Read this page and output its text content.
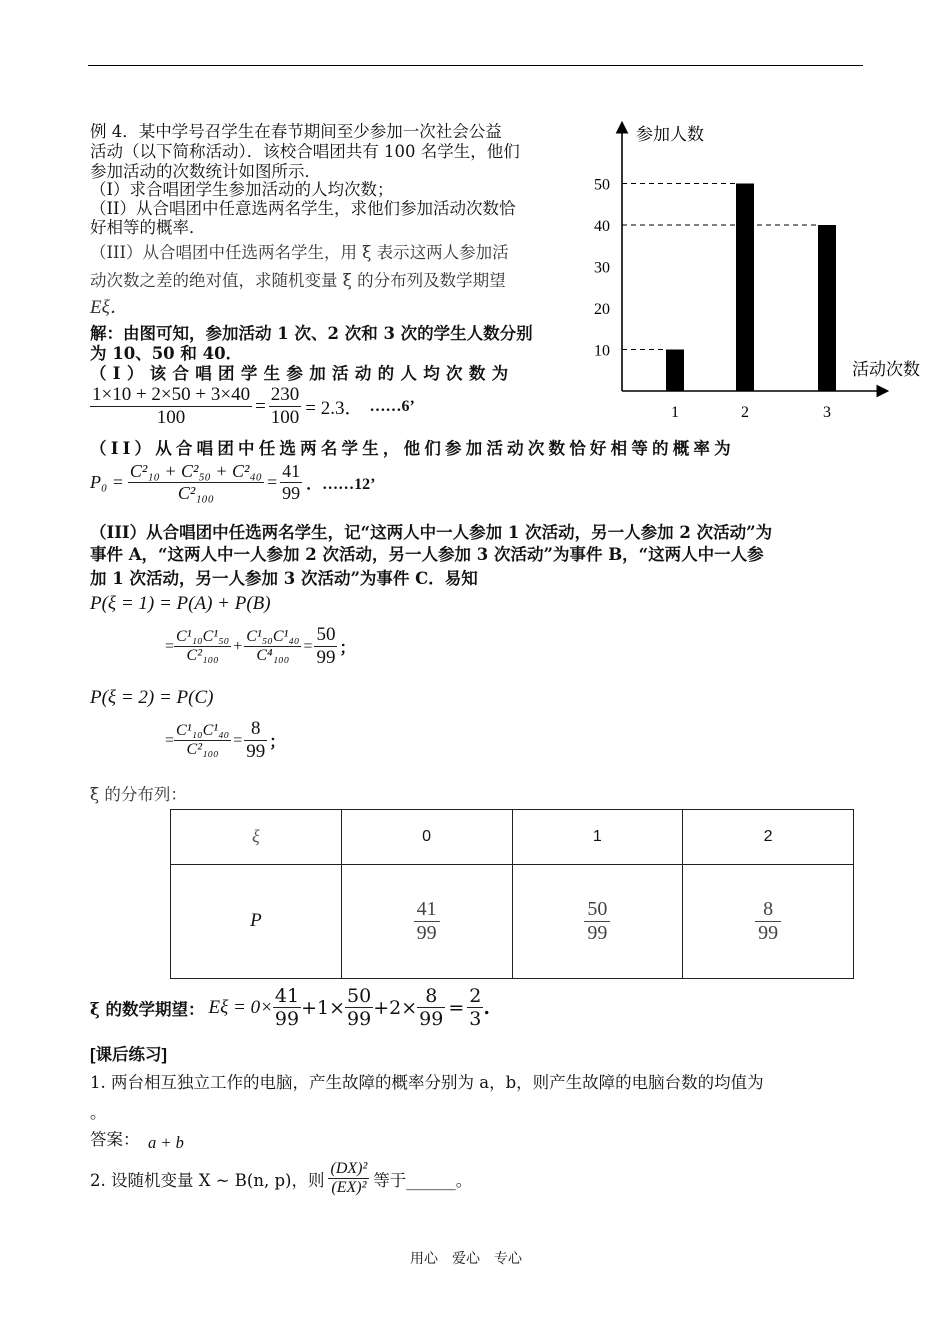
例 4．某中学号召学生在春节期间至少参加一次社会公益
活动（以下简称活动）．该校合唱团共有 100 名学生，他们
参加活动的次数统计如图所示．
（I）求合唱团学生参加活动的人均次数；
（II）从合唱团中任意选两名学生，求他们参加活动次数恰
好相等的概率．
（III）从合唱团中任选两名学生，用 ξ 表示这两人参加活
动次数之差的绝对值，求随机变量 ξ 的分布列及数学期望
Eξ．
解：由图可知，参加活动 1 次、2 次和 3 次的学生人数分别
为 10、50 和 40．
（I）该合唱团学生参加活动的人均次数为
$\frac{1\times 10 + 2\times 50 + 3\times 40}{100} = \frac{230}{100} = 2.3$． ……6’
（II）从合唱团中任选两名学生，他们参加活动次数恰好相等的概率为
$P_0 = \frac{\text{C²₁₀ + C²₅₀ + C²₄₀}}{\text{C²₁₀₀}} = \frac{41}{99}$ ．……12’
（III）从合唱团中任选两名学生，记“这两人中一人参加 1 次活动，另一人参加 2 次活动”为
事件 A，“这两人中一人参加 2 次活动，另一人参加 3 次活动”为事件 B，“这两人中一人参
加 1 次活动，另一人参加 3 次活动”为事件 C．易知
P(ξ = 1) = P(A) + P(B)
= $\frac{\text{C¹₁₀C¹₅₀}}{\text{C²₁₀₀}} + \frac{\text{C¹₅₀C¹₄₀}}{\text{C⁴₁₀₀}} = \frac{50}{99}$ ；
P(ξ = 2) = P(C)
= $\frac{\text{C¹₁₀C¹₄₀}}{\text{C²₁₀₀}} = \frac{8}{99}$ ；
ξ 的分布列：
ξ	0	1	2
P	$\frac{41}{99}$	$\frac{50}{99}$	$\frac{8}{99}$
ξ 的数学期望： $E\xi = 0\times \frac{41}{99} +1\times \frac{50}{99} +2\times \frac{8}{99} = \frac{2}{3}$ .
[课后练习]
1. 两台相互独立工作的电脑，产生故障的概率分别为 a，b，则产生故障的电脑台数的均值为
。
答案： a + b
2. 设随机变量 X ~ B(n, p)，则 $\frac{\text{(DX)²}}{\text{(EX)²}}$ 等于______。
用心　爱心　专心
参加人数
活动次数
10
20
30
40
50
1	2	3
